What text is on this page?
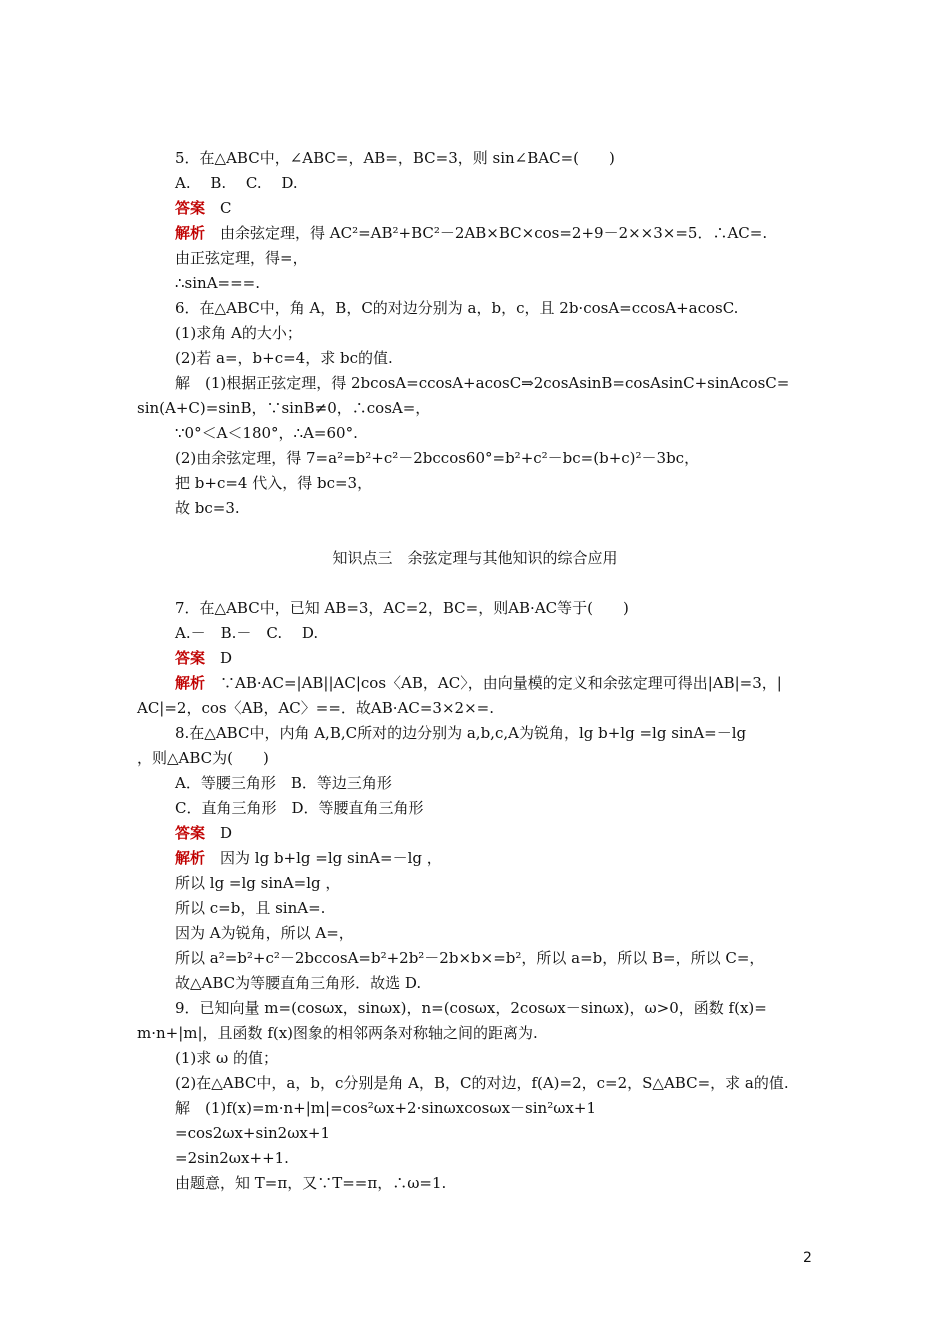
5．在△ABC中，∠ABC=，AB=，BC=3，则 sin∠BAC=(　　)
A.　 B.　 C.　 D.
答案　C
解析　由余弦定理，得 AC²=AB²+BC²－2AB×BC×cos=2+9－2××3×=5．∴AC=.
由正弦定理，得=，
∴sinA===.
6．在△ABC中，角 A，B，C的对边分别为 a，b，c，且 2b·cosA=ccosA+acosC.
(1)求角 A的大小；
(2)若 a=，b+c=4，求 bc的值.
解　(1)根据正弦定理，得 2bcosA=ccosA+acosC⇒2cosAsinB=cosAsinC+sinAcosC=
sin(A+C)=sinB，∵sinB≠0，∴cosA=，
∵0°＜A＜180°，∴A=60°.
(2)由余弦定理，得 7=a²=b²+c²－2bccos60°=b²+c²－bc=(b+c)²－3bc，
把 b+c=4 代入，得 bc=3，
故 bc=3.
知识点三　余弦定理与其他知识的综合应用
7．在△ABC中，已知 AB=3，AC=2，BC=，则AB·AC等于(　　)
A.－　B.－　C.　 D.
答案　D
解析　∵AB·AC=|AB||AC|cos〈AB，AC〉，由向量模的定义和余弦定理可得出|AB|=3，|
AC|=2，cos〈AB，AC〉==．故AB·AC=3×2×=.
8.在△ABC中，内角 A,B,C所对的边分别为 a,b,c,A为锐角，lg b+lg =lg sinA=－lg
，则△ABC为(　　)
A．等腰三角形　B．等边三角形
C．直角三角形　D．等腰直角三角形
答案　D
解析　因为 lg b+lg =lg sinA=－lg ，
所以 lg =lg sinA=lg ，
所以 c=b，且 sinA=.
因为 A为锐角，所以 A=，
所以 a²=b²+c²－2bccosA=b²+2b²－2b×b×=b²，所以 a=b，所以 B=，所以 C=，
故△ABC为等腰直角三角形．故选 D.
9．已知向量 m=(cosωx，sinωx)，n=(cosωx，2cosωx－sinωx)，ω>0，函数 f(x)=
m·n+|m|，且函数 f(x)图象的相邻两条对称轴之间的距离为.
(1)求 ω 的值；
(2)在△ABC中，a，b，c分别是角 A，B，C的对边，f(A)=2，c=2，S△ABC=，求 a的值.
解　(1)f(x)=m·n+|m|=cos²ωx+2·sinωxcosωx－sin²ωx+1
=cos2ωx+sin2ωx+1
=2sin2ωx++1.
由题意，知 T=π，又∵T==π，∴ω=1.
2
